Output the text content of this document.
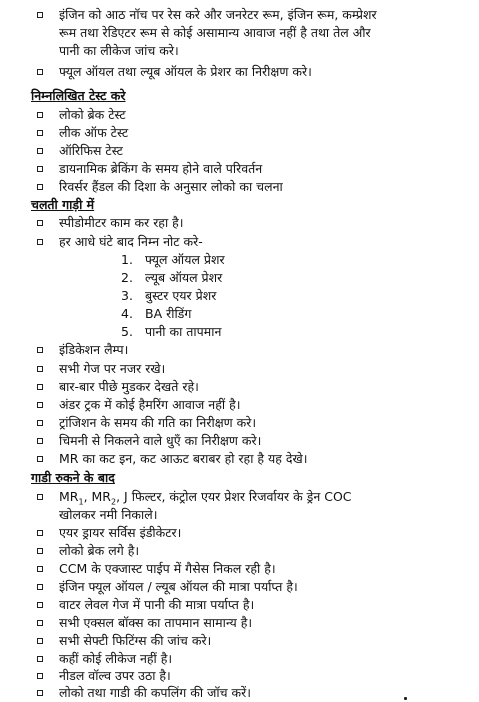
इंजिन को आठ नॉच पर रेस करे और जनरेटर रूम, इंजिन रूम, कम्प्रेशर
रूम तथा रेडिएटर रूम से कोई असामान्य आवाज नहीं है तथा तेल और
पानी का लीकेज जांच करे।
फ्यूल ऑयल तथा ल्यूब ऑयल के प्रेशर का निरीक्षण करे।
निम्नलिखित टेस्ट करे
लोको ब्रेक टेस्ट
लीक ऑफ टेस्ट
ऑरिफिस टेस्ट
डायनामिक ब्रेकिंग के समय होने वाले परिवर्तन
रिवर्सर हैंडल की दिशा के अनुसार लोको का चलना
चलती गाड़ी में
स्पीडोमीटर काम कर रहा है।
हर आधे घंटे बाद निम्न नोट करे-
1. फ्यूल ऑयल प्रेशर
2. ल्यूब ऑयल प्रेशर
3. बुस्टर एयर प्रेशर
4. BA रीडिंग
5. पानी का तापमान
इंडिकेशन लैम्प।
सभी गेज पर नजर रखे।
बार-बार पीछे मुडकर देखते रहे।
अंडर ट्रक में कोई हैमरिंग आवाज नहीं है।
ट्रांजिशन के समय की गति का निरीक्षण करे।
चिमनी से निकलने वाले धुएँ का निरीक्षण करे।
MR का कट इन, कट आऊट बराबर हो रहा है यह देखे।
गाडी रुकने के बाद
$MR_1$, $MR_2$, J फिल्टर, कंट्रोल एयर प्रेशर रिजर्वायर के ड्रेन COC
खोलकर नमी निकाले।
एयर ड्रायर सर्विस इंडीकेटर।
लोको ब्रेक लगे है।
CCM के एक्जास्ट पाईप में गैसेस निकल रही है।
इंजिन फ्यूल ऑयल / ल्यूब ऑयल की मात्रा पर्याप्त है।
वाटर लेवल गेज में पानी की मात्रा पर्याप्त है।
सभी एक्सल बॉक्स का तापमान सामान्य है।
सभी सेफ्टी फिटिंग्स की जांच करे।
कहीं कोई लीकेज नहीं है।
नीडल वॉल्व उपर उठा है।
लोको तथा गाडी की कपलिंग की जॉच करें।
